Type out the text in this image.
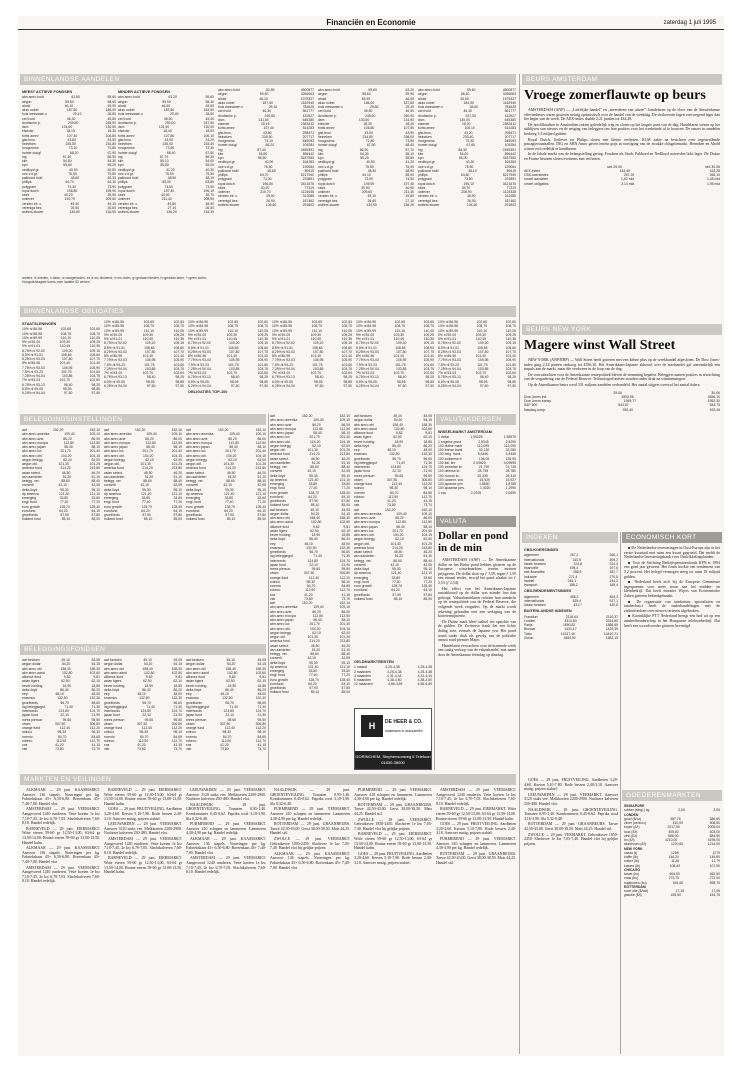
Financiën en Economie	zaterdag 1 juli 1995
BINNENLANDSE AANDELEN
MEEST ACTIEVE FONDSEN
abn amro hold	62,80	59,60
aegon	59,50	58,60
ahold	46,10	45,90
akzo nobel	187,50	186,00
bols wessanen c	29,10	28,80
ceri hold	46,30	45,80
dordtsche p.	249,80	248,90
dsm	131,60	130,50
elsevier	18,15	18,30
fortis amev	107,40	106,80
gist-broc.	43,80	43,50
heineken	235,50	234,80
hoogovens	73,10	72,80
hunter dougl	68,20	67,90
ing	87,40	86,90
klm	54,80	54,30
kpn	55,60	55,20
nedlloyd gr.	40,90	40,50
oce-v.d.gr.	76,50	75,80
pakhoed hold	48,60	48,30
philips	64,70	64,10
polygram	74,30	73,90
royal dutch	196,80	195,90
stork	40,20	39,90
unilever	210,70	209,60
vendex int. c.	49,40	49,10
verenigd bez.	26,90	26,60
wolters kluwer	135,60	134,90
MINDER ACTIEVE FONDSEN
abn amro hold	63,20	59,60
aegon	59,90	58,40
ahold	46,60	45,50
akzo nobel	187,80	184,50
bols wessanen c	29,40	28,60
ceri hold	46,50	45,40
dordtsche p.	250,00	247,50
dsm	131,90	130,00
elsevier	18,40	18,00
fortis amev	107,80	106,10
gist-broc.	43,90	43,20
heineken	236,00	233,40
hoogovens	73,50	72,30
hunter dougl	68,40	67,60
ing	87,70	86,30
klm	55,10	54,00
kpn	55,80	55,00
nedlloyd gr.	41,20	40,30
oce-v.d.gr.	76,90	75,50
pakhoed hold	48,90	48,10
philips	65,00	63,80
polygram	74,50	73,50
royal dutch	197,40	195,10
stork	40,50	39,70
unilever	211,40	208,90
vendex int. c.	49,80	48,90
verenigd bez.	27,10	26,50
wolters kluwer	136,20	134,30
abn amro hold	62,80	4500577
aegon	59,50	3266063
ahold	46,10	1975327
akzo nobel	187,50	1162940
bols wessanen c	29,10	784525
ceri hold	46,30	561777
dordtsche p.	249,80	432527
dsm	131,60	645380
elsevier	18,15	2383412
fortis amev	107,40	514283
gist-broc.	43,80	298471
heineken	235,50	207717
hoogovens	73,10	845093
hunter dougl	68,20	105284
ing	87,40	2455391
klm	54,80	896442
kpn	55,60	3187550
nedlloyd gr.	40,90	164283
oce-v.d.gr.	76,50	139064
pakhoed hold	48,60	89415
philips	64,70	5217940
polygram	74,30	233891
royal dutch	196,80	3421576
stork	40,20	77319
unilever	210,70	1124538
vendex int. c.	49,40	312085
verenigd bez.	26,90	187462
wolters kluwer	135,60	291803
abn amro hold	59,60	63,20
aegon	58,60	59,90
ahold	45,90	46,60
akzo nobel	186,00	187,80
bols wessanen c	28,80	29,40
ceri hold	45,80	46,50
dordtsche p.	248,90	250,00
dsm	130,50	131,90
elsevier	18,30	18,40
fortis amev	106,80	107,80
gist-broc.	43,50	43,90
heineken	234,80	236,00
hoogovens	72,80	73,50
hunter dougl	67,90	68,40
ing	86,90	87,70
klm	54,30	55,10
kpn	55,20	55,80
nedlloyd gr.	40,50	41,20
oce-v.d.gr.	75,80	76,90
pakhoed hold	48,30	48,90
philips	64,10	65,00
polygram	73,90	74,50
royal dutch	195,90	197,40
stork	39,90	40,50
unilever	209,60	211,40
vendex int. c.	49,10	49,80
verenigd bez.	26,60	27,10
wolters kluwer	134,90	136,20
abn amro hold	59,60	4500577
aegon	58,40	3266063
ahold	45,50	1975327
akzo nobel	184,50	1162940
bols wessanen c	28,60	784525
ceri hold	45,40	561777
dordtsche p.	247,50	432527
dsm	130,00	645380
elsevier	18,00	2383412
fortis amev	106,10	514283
gist-broc.	43,20	298471
heineken	233,40	207717
hoogovens	72,30	845093
hunter dougl	67,60	105284
ing	86,30	2455391
klm	54,00	896442
kpn	55,00	3187550
nedlloyd gr.	40,30	164283
oce-v.d.gr.	75,50	139064
pakhoed hold	48,10	89415
philips	63,80	5217940
polygram	73,50	233891
royal dutch	195,10	3421576
stork	39,70	77319
unilever	208,90	1124538
vendex int. c.	48,90	312085
verenigd bez.	26,50	187462
wolters kluwer	134,30	291803
anders. b=bieden, l=laten, a=aangeboden, ex d=ex dividend, e=ex claim, g=gedaan bieden, h=gedaan laten, *=geen koers. Hoogste/laagste koers over laatste 52 weken.
BINNENLANDSE OBLIGATIES
STAATSLENINGEN
10% nl 86-96	102,65	102,60
10% nl 88-98	108,75	108,70
10% nl 89-99	110,10	110,05
9% nl 90-00	109,30	109,25
9% nl 91-01	110,45	110,35
8,75% nl 92-02	109,20	109,15
8,5% nl 91-01	108,65	108,60
8,25% nl 93-03	107,80	107,70
8% nl 86-96	101,40	101,40
7,75% nl 93-03	105,95	105,90
7,5% nl 93-23	101,75	101,60
7,25% nl 94-04	103,85	103,75
7% nl 93-03	102,70	102,60
6,75% nl 93-13	98,40	98,25
6,5% nl 95-05	98,95	98,85
6,25% nl 94-04	97,60	97,50
10% nl 86-96	102,65	102,60
10% nl 88-98	108,75	108,70
10% nl 89-99	110,10	110,05
9% nl 90-00	109,30	109,25
9% nl 91-01	110,45	110,35
8,75% nl 92-02	109,20	109,15
8,5% nl 91-01	108,65	108,60
8,25% nl 93-03	107,80	107,70
8% nl 86-96	101,40	101,40
7,75% nl 93-03	105,95	105,90
7,5% nl 93-23	101,75	101,60
7,25% nl 94-04	103,85	103,75
7% nl 93-03	102,70	102,60
6,75% nl 93-13	98,40	98,25
6,5% nl 95-05	98,95	98,85
6,25% nl 94-04	97,60	97,50
10% nl 86-96	102,65	102,60
10% nl 88-98	108,75	108,70
10% nl 89-99	110,10	110,05
9% nl 90-00	109,30	109,25
9% nl 91-01	110,45	110,35
8,75% nl 92-02	109,20	109,15
8,5% nl 91-01	108,65	108,60
8,25% nl 93-03	107,80	107,70
8% nl 86-96	101,40	101,40
7,75% nl 93-03	105,95	105,90
7,5% nl 93-23	101,75	101,60
7,25% nl 94-04	103,85	103,75
7% nl 93-03	102,70	102,60
6,75% nl 93-13	98,40	98,25
6,5% nl 95-05	98,95	98,85
6,25% nl 94-04	97,60	97,50
OBLIGATIES TOP-100
10% nl 86-96	102,65	102,60
10% nl 88-98	108,75	108,70
10% nl 89-99	110,10	110,05
9% nl 90-00	109,30	109,25
9% nl 91-01	110,45	110,35
8,75% nl 92-02	109,20	109,15
8,5% nl 91-01	108,65	108,60
8,25% nl 93-03	107,80	107,70
8% nl 86-96	101,40	101,40
7,75% nl 93-03	105,95	105,90
7,5% nl 93-23	101,75	101,60
7,25% nl 94-04	103,85	103,75
7% nl 93-03	102,70	102,60
6,75% nl 93-13	98,40	98,25
6,5% nl 95-05	98,95	98,85
6,25% nl 94-04	97,60	97,50
10% nl 86-96	102,65	102,60
10% nl 88-98	108,75	108,70
10% nl 89-99	110,10	110,05
9% nl 90-00	109,30	109,25
9% nl 91-01	110,45	110,35
8,75% nl 92-02	109,20	109,15
8,5% nl 91-01	108,65	108,60
8,25% nl 93-03	107,80	107,70
8% nl 86-96	101,40	101,40
7,75% nl 93-03	105,95	105,90
7,5% nl 93-23	101,75	101,60
7,25% nl 94-04	103,85	103,75
7% nl 93-03	102,70	102,60
6,75% nl 93-13	98,40	98,25
6,5% nl 95-05	98,95	98,85
6,25% nl 94-04	97,60	97,50
10% nl 86-96	102,65	102,60
10% nl 88-98	108,75	108,70
10% nl 89-99	110,10	110,05
9% nl 90-00	109,30	109,25
9% nl 91-01	110,45	110,35
8,75% nl 92-02	109,20	109,15
8,5% nl 91-01	108,65	108,60
8,25% nl 93-03	107,80	107,70
8% nl 86-96	101,40	101,40
7,75% nl 93-03	105,95	105,90
7,5% nl 93-23	101,75	101,60
7,25% nl 94-04	103,85	103,75
7% nl 93-03	102,70	102,60
6,75% nl 93-13	98,40	98,25
6,5% nl 95-05	98,95	98,85
6,25% nl 94-04	97,60	97,50
BELEGGINGSINSTELLINGEN
aaf	152,20	152,10
abn amro amerika	109,40	109,10
abn amro azie	86,20	86,00
abn amro europa	112,80	112,50
abn amro japan	58,40	58,10
abn amro lux	201,70	201,40
abn amro obl.	104,20	104,15
aegon belegg.	62,10	62,00
aegon obl.	101,30	101,25
america fund	214,20	213,80
asian select.	46,50	46,20
asn aandelen	51,20	51,10
belegg. ver.	88,60	88,40
converti	42,10	42,05
delta lloyd	95,30	95,10
dp america	121,40	121,10
emerging	33,80	33,60
engl. fund	77,40	77,20
euro growth	128,70	128,40
eurofund	64,20	64,10
groeifonds	57,90	57,80
holland fund	85,10	85,00
aaf	152,20	152,10
abn amro amerika	109,40	109,10
abn amro azie	86,20	86,00
abn amro europa	112,80	112,50
abn amro japan	58,40	58,10
abn amro lux	201,70	201,40
abn amro obl.	104,20	104,15
aegon belegg.	62,10	62,00
aegon obl.	101,30	101,25
america fund	214,20	213,80
asian select.	46,50	46,20
asn aandelen	51,20	51,10
belegg. ver.	88,60	88,40
converti	42,10	42,05
delta lloyd	95,30	95,10
dp america	121,40	121,10
emerging	33,80	33,60
engl. fund	77,40	77,20
euro growth	128,70	128,40
eurofund	64,20	64,10
groeifonds	57,90	57,80
holland fund	85,10	85,00
aaf	152,20	152,10
abn amro amerika	109,40	109,10
abn amro azie	86,20	86,00
abn amro europa	112,80	112,50
abn amro japan	58,40	58,10
abn amro lux	201,70	201,40
abn amro obl.	104,20	104,15
aegon belegg.	62,10	62,00
aegon obl.	101,30	101,25
america fund	214,20	213,80
asian select.	46,50	46,20
asn aandelen	51,20	51,10
belegg. ver.	88,60	88,40
converti	42,10	42,05
delta lloyd	95,30	95,10
dp america	121,40	121,10
emerging	33,80	33,60
engl. fund	77,40	77,20
euro growth	128,70	128,40
eurofund	64,20	64,10
groeifonds	57,90	57,80
holland fund	85,10	85,00
BELEGGINGSFONDSEN
aaf fondsen	45,10	45,05
aegon dollar	54,20	54,15
abn amro obl	158,40	158,30
abn amro aand	102,80	102,60
alliance fund	9,82	9,81
asian tigers	62,50	62,10
bever holding	18,90	18,85
delta lloyd	86,40	86,20
eep	48,10	48,00
erasmus	132,50	132,30
groeifonds	56,70	56,60
ing beleggingsf.	71,40	71,30
interbonds	124,80	124,70
japan fund	22,10	21,90
mees pierson	95,60	95,50
obam	307,50	306,80
orange fund	112,40	112,20
rolinco	98,30	98,10
rorento	84,70	84,65
robeco	112,90	112,70
sns	41,20	41,15
vsb	73,80	73,70
aaf fondsen	45,10	45,05
aegon dollar	54,20	54,15
abn amro obl	158,40	158,30
abn amro aand	102,80	102,60
alliance fund	9,82	9,81
asian tigers	62,50	62,10
bever holding	18,90	18,85
delta lloyd	86,40	86,20
eep	48,10	48,00
erasmus	132,50	132,30
groeifonds	56,70	56,60
ing beleggingsf.	71,40	71,30
interbonds	124,80	124,70
japan fund	22,10	21,90
mees pierson	95,60	95,50
obam	307,50	306,80
orange fund	112,40	112,20
rolinco	98,30	98,10
rorento	84,70	84,65
robeco	112,90	112,70
sns	41,20	41,15
vsb	73,80	73,70
aaf fondsen	45,10	45,05
aegon dollar	54,20	54,15
abn amro obl	158,40	158,30
abn amro aand	102,80	102,60
alliance fund	9,82	9,81
asian tigers	62,50	62,10
bever holding	18,90	18,85
delta lloyd	86,40	86,20
eep	48,10	48,00
erasmus	132,50	132,30
groeifonds	56,70	56,60
ing beleggingsf.	71,40	71,30
interbonds	124,80	124,70
japan fund	22,10	21,90
mees pierson	95,60	95,50
obam	307,50	306,80
orange fund	112,40	112,20
rolinco	98,30	98,10
rorento	84,70	84,65
robeco	112,90	112,70
sns	41,20	41,15
vsb	73,80	73,70
aaf	152,20	152,10
abn amro amerika	109,40	109,10
abn amro azie	86,20	86,00
abn amro europa	112,80	112,50
abn amro japan	58,40	58,10
abn amro lux	201,70	201,40
abn amro obl.	104,20	104,15
aegon belegg.	62,10	62,00
aegon obl.	101,30	101,25
america fund	214,20	213,80
asian select.	46,50	46,20
asn aandelen	51,20	51,10
belegg. ver.	88,60	88,40
converti	42,10	42,05
delta lloyd	95,30	95,10
dp america	121,40	121,10
emerging	33,80	33,60
engl. fund	77,40	77,20
euro growth	128,70	128,40
eurofund	64,20	64,10
groeifonds	57,90	57,80
holland fund	85,10	85,00
aaf fondsen	45,10	45,05
aegon dollar	54,20	54,15
abn amro obl	158,40	158,30
abn amro aand	102,80	102,60
alliance fund	9,82	9,81
asian tigers	62,50	62,10
bever holding	18,90	18,85
delta lloyd	86,40	86,20
eep	48,10	48,00
erasmus	132,50	132,30
groeifonds	56,70	56,60
ing beleggingsf.	71,40	71,30
interbonds	124,80	124,70
japan fund	22,10	21,90
mees pierson	95,60	95,50
obam	307,50	306,80
orange fund	112,40	112,20
rolinco	98,30	98,10
rorento	84,70	84,65
robeco	112,90	112,70
sns	41,20	41,15
vsb	73,80	73,70
aaf	152,20	152,10
abn amro amerika	109,40	109,10
abn amro azie	86,20	86,00
abn amro europa	112,80	112,50
abn amro japan	58,40	58,10
abn amro lux	201,70	201,40
abn amro obl.	104,20	104,15
aegon belegg.	62,10	62,00
aegon obl.	101,30	101,25
america fund	214,20	213,80
asian select.	46,50	46,20
asn aandelen	51,20	51,10
belegg. ver.	88,60	88,40
converti	42,10	42,05
delta lloyd	95,30	95,10
dp america	121,40	121,10
emerging	33,80	33,60
engl. fund	77,40	77,20
euro growth	128,70	128,40
eurofund	64,20	64,10
groeifonds	57,90	57,80
holland fund	85,10	85,00
aaf fondsen	45,10	45,05
aegon dollar	54,20	54,15
abn amro obl	158,40	158,30
abn amro aand	102,80	102,60
alliance fund	9,82	9,81
asian tigers	62,50	62,10
bever holding	18,90	18,85
delta lloyd	86,40	86,20
eep	48,10	48,00
erasmus	132,50	132,30
groeifonds	56,70	56,60
ing beleggingsf.	71,40	71,30
interbonds	124,80	124,70
japan fund	22,10	21,90
mees pierson	95,60	95,50
obam	307,50	306,80
orange fund	112,40	112,20
rolinco	98,30	98,10
rorento	84,70	84,65
robeco	112,90	112,70
sns	41,20	41,15
vsb	73,80	73,70
aaf	152,20	152,10
abn amro amerika	109,40	109,10
abn amro azie	86,20	86,00
abn amro europa	112,80	112,50
abn amro japan	58,40	58,10
abn amro lux	201,70	201,40
abn amro obl.	104,20	104,15
aegon belegg.	62,10	62,00
aegon obl.	101,30	101,25
america fund	214,20	213,80
asian select.	46,50	46,20
asn aandelen	51,20	51,10
belegg. ver.	88,60	88,40
converti	42,10	42,05
delta lloyd	95,30	95,10
dp america	121,40	121,10
emerging	33,80	33,60
engl. fund	77,40	77,20
euro growth	128,70	128,40
eurofund	64,20	64,10
groeifonds	57,90	57,80
holland fund	85,10	85,00
GELDMARKTRENTEN
1 maand	4,25-4,38	4,25-4,38
2 maanden	4,25-4,38	4,25-4,38
3 maanden	4,31-4,44	4,31-4,44
6 maanden	4,38-4,50	4,38-4,50
12 maanden	4,56-4,69	4,56-4,69
H	DE HEER & CO.
makelaars in assurantiën
GORINCHEM, Stephensonweg 5 Telefoon 01830-38000
VALUTAKOERSEN
WISSELMARKT AMSTERDAM
1 dollar	1,59025	1,58975
1 engelse pond	2,5345	2,5290
100 duitse mark	112,095	112,090
100 franse frank	32,130	32,080
100 belg. frank	5,4450	5,4445
100 zwitserse fr.	136,05	135,90
100 ital. lire	0,09620	0,09595
100 zweedse kr.	21,790	21,745
100 deense kr.	28,795	28,780
100 noorse kr.	25,335	25,310
100 oostenr. sch.	15,929	15,927
100 japanse yen	1,8830	1,8785
100 spaanse pes.	1,3020	1,2990
1 ecu	2,0705	2,0690
VALUTA
Dollar en pond in de min

AMSTERDAM (ANP) — De Amerikaanse dollar en het Britse pond hebben gisteren op de Europese wisselmarkten terrein moeten prijsgeven. De dollar sloot op ƒ 1,59, tegen ƒ 1,59 een etmaal eerder, terwijl het pond afzakte tot ƒ 2,53 (ƒ 2,54).

Het effect van het Amerikaans-Japanse autoakkoord op de dollar was minder fors dan gehoopt. Valutahandelaren richtten hun aandacht op de rentepolitiek van de Federal Reserve, die volgende week vergadert. Op de markt wordt rekening gehouden met een verlaging van de kortetermijnrente.

De Duitse mark bleef stabiel ten opzichte van de gulden. De Zwitserse frank liet een lichte daling zien, evenals de Japanse yen. Het pond stond onder druk als gevolg van de politieke onrust rond premier Major.

Handelaren verwachten voor de komende week een rustig verloop van de valutahandel, met name door de Amerikaanse feestdag op dinsdag.

MARKTEN EN VEILINGEN

ALKMAAR — 29 juni. KAASMARKT. Aanvoer 136 stapels. Noteringen per kg. Fabriekskaas 45+ 6,50-6,80. Boerenkaas 45+ 7,40-7,80. Handel vlot.

AMSTERDAM — 29 juni. VEEMARKT. Aangevoerd 1240 runderen. Vette koeien 1e kw 7,10-7,45, 2e kw 6,70-7,05. Slachtkalveren 7,60-8,10. Handel redelijk.

BARNEVELD — 29 juni. EIERMARKT. Witte eieren 59-60 gr 12,50-13,00, 63-64 gr 13,50-14,00. Bruine eieren 59-60 gr 13,00-13,50. Handel kalm.

ALKMAAR — 29 juni. KAASMARKT. Aanvoer 136 stapels. Noteringen per kg. Fabriekskaas 45+ 6,50-6,80. Boerenkaas 45+ 7,40-7,80. Handel vlot.

AMSTERDAM — 29 juni. VEEMARKT. Aangevoerd 1240 runderen. Vette koeien 1e kw 7,10-7,45, 2e kw 6,70-7,05. Slachtkalveren 7,60-8,10. Handel redelijk.

BARNEVELD — 29 juni. EIERMARKT. Witte eieren 59-60 gr 12,50-13,00, 63-64 gr 13,50-14,00. Bruine eieren 59-60 gr 13,00-13,50. Handel kalm.

GOES — 29 juni. FRUITVEILING. Aardbeien 3,20-4,60. Kersen 5,10-7,80. Rode bessen 2,40-3,10. Aanvoer matig, prijzen stabiel.

LEEUWARDEN — 29 juni. VEEMARKT. Aanvoer 3120 stuks vee. Melkkoeien 2200-2900. Nuchtere kalveren 250-480. Handel vlot.

AMSTERDAM — 29 juni. VEEMARKT. Aangevoerd 1240 runderen. Vette koeien 1e kw 7,10-7,45, 2e kw 6,70-7,05. Slachtkalveren 7,60-8,10. Handel redelijk.

BARNEVELD — 29 juni. EIERMARKT. Witte eieren 59-60 gr 12,50-13,00, 63-64 gr 13,50-14,00. Bruine eieren 59-60 gr 13,00-13,50. Handel kalm.

LEEUWARDEN — 29 juni. VEEMARKT. Aanvoer 3120 stuks vee. Melkkoeien 2200-2900. Nuchtere kalveren 250-480. Handel vlot.

NAALDWIJK — 29 juni. GROENTEVEILING. Tomaten 0,95-1,40. Komkommers 0,45-0,62. Paprika rood 3,10-3,90. Sla 0,32-0,48.

PURMEREND — 29 juni. VEEMARKT. Aanvoer 410 schapen en lammeren. Lammeren 4,30-4,90 per kg. Handel redelijk.

ALKMAAR — 29 juni. KAASMARKT. Aanvoer 136 stapels. Noteringen per kg. Fabriekskaas 45+ 6,50-6,80. Boerenkaas 45+ 7,40-7,80. Handel vlot.

AMSTERDAM — 29 juni. VEEMARKT. Aangevoerd 1240 runderen. Vette koeien 1e kw 7,10-7,45, 2e kw 6,70-7,05. Slachtkalveren 7,60-8,10. Handel redelijk.

NAALDWIJK — 29 juni. GROENTEVEILING. Tomaten 0,95-1,40. Komkommers 0,45-0,62. Paprika rood 3,10-3,90. Sla 0,32-0,48.

PURMEREND — 29 juni. VEEMARKT. Aanvoer 410 schapen en lammeren. Lammeren 4,30-4,90 per kg. Handel redelijk.

ROTTERDAM — 29 juni. GRAANBEURS. Tarwe 42,50-43,00. Gerst 38,00-38,50. Mais 44,25. Handel stil.

ZWOLLE — 29 juni. VEEMARKT. Gebruiksvee 1850-2450. Slachtvee 1e kw 7,05-7,40. Handel vlot bij gelijke prijzen.

ALKMAAR — 29 juni. KAASMARKT. Aanvoer 136 stapels. Noteringen per kg. Fabriekskaas 45+ 6,50-6,80. Boerenkaas 45+ 7,40-7,80. Handel vlot.

PURMEREND — 29 juni. VEEMARKT. Aanvoer 410 schapen en lammeren. Lammeren 4,30-4,90 per kg. Handel redelijk.

ROTTERDAM — 29 juni. GRAANBEURS. Tarwe 42,50-43,00. Gerst 38,00-38,50. Mais 44,25. Handel stil.

ZWOLLE — 29 juni. VEEMARKT. Gebruiksvee 1850-2450. Slachtvee 1e kw 7,05-7,40. Handel vlot bij gelijke prijzen.

BARNEVELD — 29 juni. EIERMARKT. Witte eieren 59-60 gr 12,50-13,00, 63-64 gr 13,50-14,00. Bruine eieren 59-60 gr 13,00-13,50. Handel kalm.

GOES — 29 juni. FRUITVEILING. Aardbeien 3,20-4,60. Kersen 5,10-7,80. Rode bessen 2,40-3,10. Aanvoer matig, prijzen stabiel.

AMSTERDAM — 29 juni. VEEMARKT. Aangevoerd 1240 runderen. Vette koeien 1e kw 7,10-7,45, 2e kw 6,70-7,05. Slachtkalveren 7,60-8,10. Handel redelijk.

BARNEVELD — 29 juni. EIERMARKT. Witte eieren 59-60 gr 12,50-13,00, 63-64 gr 13,50-14,00. Bruine eieren 59-60 gr 13,00-13,50. Handel kalm.

GOES — 29 juni. FRUITVEILING. Aardbeien 3,20-4,60. Kersen 5,10-7,80. Rode bessen 2,40-3,10. Aanvoer matig, prijzen stabiel.

PURMEREND — 29 juni. VEEMARKT. Aanvoer 410 schapen en lammeren. Lammeren 4,30-4,90 per kg. Handel redelijk.

ROTTERDAM — 29 juni. GRAANBEURS. Tarwe 42,50-43,00. Gerst 38,00-38,50. Mais 44,25. Handel stil.

BEURS AMSTERDAM
Vroege zomerflauwte op beurs

AMSTERDAM (ANP) — „Liefelijke handel” en „meerderen van uitzee”: handelaren op de vloer van de Amsterdamse effectenbeurs waren gisteren weinig optimistisch over de handel van de weekdag. De slotkoersen lagen overwegend lager dan het begin van de week. De AEX-index daalde 2,21 punten tot 432,28.

De hoofdfondsen in Amsterdam zakten geleidelijk weg en sloten op het laagste punt van de dag. Handelaren wezen op het uitblijven van nieuws en de neiging van beleggers om hun posities voor het weekeinde af te bouwen. De omzet in aandelen bedroeg 1,5 miljard gulden.

Royal Dutch, Unilever en Philips sloten met kleine verliezen. KLM zakte na berichten over tegenvallende passagiersaantallen. ING en ABN Amro gaven terrein prijs in navolging van de zwakke obligatiemarkt. Heineken en Ahold wisten zich redelijk te handhaven.

In de lokale markt was de belangstelling gering. Fondsen als Stork, Pakhoed en Nedlloyd noteerden licht lager. De Duitse en Franse beurzen sloten eveneens met verliezen.

slot 29-06	slot 30-06
AEX-index	434,49	432,28
CBS-koersindex	267,20	266,10
omzet aandelen	1,52 mld	1,48 mld
omzet obligaties	2,10 mld	1,95 mld
BEURS NEW YORK
Magere winst Wall Street

NEW YORK (ANP/RBP) — Wall Street heeft gisteren met een kleine plus op de weekhandel afgesloten. De Dow Jones-index ging 2,14 punten omhoog tot 4556,10. Het Amerikaans-Japanse akkoord over de autohandel gaf aanvankelijk een impuls aan de markt, maar die verdween in de loop van de dag.

De vooruitzichten voor de Amerikaanse rentepolitiek bleven de stemming bepalen. Beleggers namen posities in afwachting van de vergadering van de Federal Reserve. Technologiefondsen stonden onder druk na winstnemingen.

Op de Amerikaanse beurs werd 331 miljoen aandelen verhandeld. Het aantal stijgers overtrof het aantal dalers.

29-06	30-06
Dow Jones ind.	4553,96	4556,10
Dow Jones transp.	1955,77	1952,30
S&P 500	543,87	544,75
Nasdaq comp.	930,40	933,45
INDEXEN
CBS-KOERSINDEX
algemeen	267,2	266,1
internationals	310,5	309,2
lokale fondsen	224,8	224,3
financiële	198,4	197,6
niet-financiële	288,9	287,7
industrie	271,4	270,5
handel	245,1	244,3
transport	186,2	185,4
CBS-RENDEMENTSINDEX
algemeen	486,3	484,3
internationals	529,4	527,1
lokale fondsen	431,7	430,8
BUITENLANDSE INDEXEN
Frankfurt	2118,44	2110,37
Londen	3313,60	3314,60
Parijs	1890,82	1886,65
Brussel	1431,17	1429,39
Tokio	14517,40	14410,71
Zürich	1684,90	1682,10
ECONOMISCH KORT

■ De Nederlandse investeringen in Oost-Europa zijn in het eerste kwartaal met ruim een kwart gegroeid. Dat meldt de Nederlandse Investeringsbank voor Ontwikkelingslanden.

■ Voor de Stichting Bedrijfspensioenfonds KPN is 1994 een goed jaar geweest. Het fonds boekte een rendement van 5,2 procent. Het belegd vermogen steeg tot ruim 18 miljard gulden.

■ Nederland heeft zich bij de Europese Commissie ingespannen voor meer steun aan het midden- en kleinbedrijf. Dat heeft minister Wijers van Economische Zaken gisteren bekendgemaakt.

■ De organisatie van tandartsen, specialisten en tandtechnici heeft de onderhandelingen met de ziekenfondsen over nieuwe tarieven afgebroken.

■ Koninklijke PTT Nederland brengt een bod uit op een aandeelhouderschap in het Hongaarse telefoonbedrijf. Dat heeft een woordvoerder gisteren bevestigd.

GOEDERENMARKTEN
SINGAPORE
rubber (singl.) kg	2,05	2,06
LONDEN
goud ($/oz)	387,75	386,60
zilver (cent/oz)	510,00	508,50
koper (£/t)	2017,50	2005,00
lood (£/t)	405,50	403,00
zink (£/t)	688,00	684,50
tin (£/t)	4210,00	4195,00
aluminium (£/t)	1220,50	1214,00
NEW YORK
cacao (t)	1285	1279
koffie (lb)	146,20	145,80
suiker (lb)	11,84	11,79
katoen (lb)	108,40	107,90
CHICAGO
tarwe (bu)	464,00	462,50
mais (bu)	273,75	272,00
sojabonen (bu)	601,50	598,75
ROTTERDAM
ruwe olie ($/vat)	17,15	17,05
gasolie ($/t)	155,50	154,75

GOES — 29 juni. FRUITVEILING. Aardbeien 3,20-4,60. Kersen 5,10-7,80. Rode bessen 2,40-3,10. Aanvoer matig, prijzen stabiel.

LEEUWARDEN — 29 juni. VEEMARKT. Aanvoer 3120 stuks vee. Melkkoeien 2200-2900. Nuchtere kalveren 250-480. Handel vlot.

NAALDWIJK — 29 juni. GROENTEVEILING. Tomaten 0,95-1,40. Komkommers 0,45-0,62. Paprika rood 3,10-3,90. Sla 0,32-0,48.

ROTTERDAM — 29 juni. GRAANBEURS. Tarwe 42,50-43,00. Gerst 38,00-38,50. Mais 44,25. Handel stil.

ZWOLLE — 29 juni. VEEMARKT. Gebruiksvee 1850-2450. Slachtvee 1e kw 7,05-7,40. Handel vlot bij gelijke prijzen.
